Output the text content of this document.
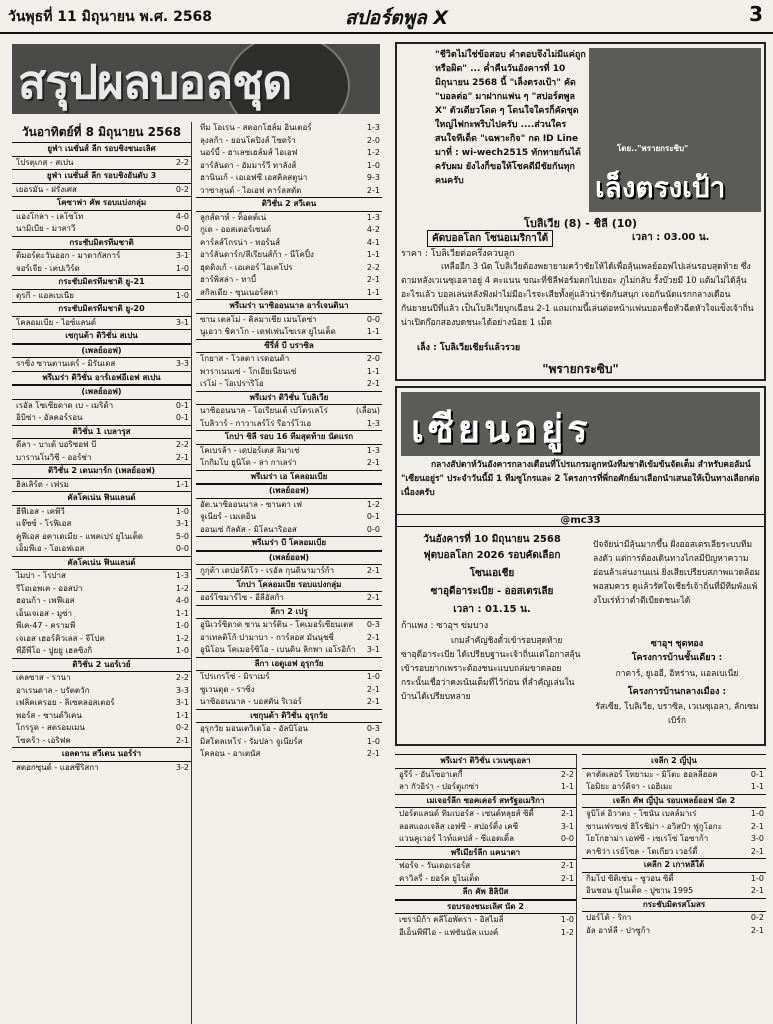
วันพุธที่ 11 มิถุนายน พ.ศ. 2568	สปอร์ตพูล X	3
สรุปผลบอลชุด
วันอาทิตย์ที่ 8 มิถุนายน 2568
ยูฟ่า เนชั่นส์ ลีก รอบชิงชนะเลิศ
โปรตุเกส - สเปน	2-2
ยูฟ่า เนชั่นส์ ลีก รอบชิงอันดับ 3
เยอรมัน - ฝรั่งเศส	0-2
โคซาฟา คัพ รอบแบ่งกลุ่ม
แองโกลา - เลโซโท	4-0
นามิเบีย - มาลาวี	0-0
กระชับมิตรทีมชาติ
ติมอร์ตะวันออก - มาดากัสการ์	3-1
จอร์เจีย - เคปเวิร์ด	1-0
กระชับมิตรทีมชาติ ยู-21
ตุรกี - แอลเบเนีย	1-0
กระชับมิตรทีมชาติ ยู-20
โคลอมเบีย - ไอซ์แลนด์	3-1
เซกุนด้า ดิวิชั่น สเปน
(เพลย์ออฟ)
ราซิ่ง ซานตานเดร์ - มิรันเดส	3-3
พรีเมร่า ดิวิชั่น อาร์เอฟอีเอฟ สเปน
(เพลย์ออฟ)
เรอัล โซเซียดาด เบ - เมริด้า	0-1
อิบิซ่า - อัลคอร์รอน	0-1
ดิวิชั่น 1 เบลารุส
ดีลา - บาเต้ บอริซอฟ บี	2-2
บารานโนวิชี - ออร์ช่า	2-1
ดิวิชั่น 2 เดนมาร์ก (เพลย์ออฟ)
ฮิลเลิร์ด - เฟรม	1-1
คัลโคเน่น ฟินแลนด์
ฮีฟีเอส - เคพีวี	1-0
แจ๊ซซ์ - โรฟิเอส	3-1
คูฟีเอส อคาเดเมีย - แพคเปร่ ยูไนเต็ด	5-0
เอ็มพีเอ - โอเอฟเอส	0-0
คัลโคเน่น ฟินแลนด์
ไมปา - โรปาส	1-3
รีโอเอพเค - ออสปา	1-2
ฮอนก้า - เพฟีเอส	4-0
เอ็นเจเอส - มูซ่า	1-1
พีเค-47 - ครามพี	1-0
เจเอส เฮอร์คิวเลส - จีโปค	1-2
พีอีพีโอ - ปูยยู เฮลซิงกิ	1-0
ดิวิชั่น 2 นอร์เวย์
เคลซาส - รานา	2-2
อาเรนดาล - บรัตตวัก	3-3
เฟลิคเครอย - ลิเซคลอสเตอร์	3-1
พอร์ส - ซานด์วิเคน	1-1
โกรรูด - สตรอมเมน	0-2
โซคร้า - เอริฟค	2-1
เอลดาน สวีเดน นอร์ร่า
สตอกซุนด์ - แอสซีริสกา	3-2
ทีม โอเรน - สตอกโฮล์ม อินเตอร์	1-3
ลุงสก้า - ยอนโคปิงส์ โซดร้า	2-0
นอร์บี้ - ฮาเลซเฮล์มส์ ไอเอฟ	1-2
อาร์ลันดา - อัมมาร์วี ทาลังส์	1-0
ฮานินเก้ - เอเอฟซี เอสคิลสตูน่า	9-3
วาซาลุนด์ - ไอเอฟ คาร์ลสตัด	2-1
ดิวิชั่น 2 สวีเดน
ลูกส์ดาห์ - ท็อตต์เน่	1-3
กูเด - ออสเตอร์เซนด์	4-2
คาร์ลส์โกรน่า - ทอร์นส์	4-1
อาร์ลันดาร์ก/สีเรียนส์ก้า - นีโคปิ้ง	1-1
ฮุดดิงเก้ - เอเคอร์ ไอเคโปร	2-2
ฮาร์พิสล่า - ทาบี้	2-1
สกิลเดีย - ซุนเนอร์สตา	1-1
พรีเมร่า นาซิออนนาล อาร์เจนตินา
ซาน เตลโม่ - คิลมาเชีย เมนโดซ่า	0-0
นูเอวา ชิคาโก - เดฟเฟนโซเรส ยูไนเต็ด	1-1
ซีรี่ส์ บี บราซิล
โกยาส - โวลตา เรดอนด้า	2-0
พาราเนนเซ่ - โกเอียเนียนเซ่	1-1
เรโม่ - โอเปราริโอ	2-1
พรีเมร่า ดิวิชั่น โบลิเวีย
นาซิออนนาล - โอเรียนเต้ เปโตรเลโร่	(เลื่อน)
โบลิวาร์ - กาวาเลร์โร่ รีอาร์โวเอ	1-3
โกปา ซิลี รอบ 16 ทีมสุดท้าย นัดแรก
โคเบรล้า - เดปอร์เตส ลิมาเช่	1-3
โกกิมโบ ยูนิโด - ลา กาเลร่า	2-1
พรีเมร่า เอ โคลอมเบีย
(เพลย์ออฟ)
อัต.นาซิออนนาล - ซานตา เฟ	1-2
จูเนียร์ - เมเดอิน	0-1
ออนเซ่ กัลดัส - มิโลนาริออส	0-0
พรีเมร่า บี โคลอมเบีย
(เพลย์ออฟ)
กูกุต้า เดปอร์ติโว - เรอัล กุนดินามาร์ก้า	2-1
โกปา โคลอมเบีย รอบแบ่งกลุ่ม
ออร์โซมาร์ไซ - อีลีอัสก้า	2-1
ลีกา 2 เปรู
อูนิเวร์ซิดาด ซาน มาร์ติน - โคเมอร์เซียนเตส 0-3
อาเทลติโก้ ปามาบา - การ์ลอส มันนุชชี่	2-1
อูนิโอน โคเมอร์ซิโอ - เบนดิน ลิกพา เอโรอิก้า 3-1
ลีกา เอดูเอฟ อุรุกวัย
โปรเกรโซ่ - มิราเมร์	1-0
ซูเวนตุด - ราซิ่ง	2-1
นาซิออนนาล - บอสตัน ริเวอร์	2-1
เซกุนด้า ดิวิชั่น อุรุกวัย
อุรุกวัย มอนเตวิเดโอ - อัลบิโอน	0-3
มิสโตลเทโร่ - รัมปลา จูเนียร์ส	1-0
โคลอน - อาเตนัส	2-1
"ชีวิตไม่ใช่ข้อสอบ คำตอบจึงไม่มีแค่ถูกหรือผิด" ... ค่ำคืนวันอังคารที่ 10 มิถุนายน 2568 นี้ "เล็งตรงเป้า" คัด "บอลต่อ" มาฝากแฟน ๆ "สปอร์ตพูล X" ตัวเดียวโดด ๆ โดนใจใครก็คัดชุดใหญ่ไฟกะพริบไปครับ ....ส่วนใครสนใจทีเด็ด "เฉพาะกิจ" กด ID Line มาที่ : wi-wech2515 ทักทายกันได้ครับผม ยังไงก็ขอให้โชคดีมีชัยกันทุกคนครับ
โดย.."พรายกระซิบ"
เล็งตรงเป้า
โบลิเวีย (8) - ชิลี (10)
คัดบอลโลก โซนอเมริกาใต้	เวลา : 03.00 น.
ราคา : โบลิเวียต่อครึ่งควบลูก
เหลืออีก 3 นัด โบลิเวียต้องพยายามคว้าชัยให้ได้เพื่อลุ้นเพลย์ออฟไปเล่นรอบสุดท้าย ซึ่งตามหลังเวเนซุเอลาอยู่ 4 คะแนน ขณะที่ชิลีฟอร์มตกไปเยอะ ภูไม่กลับ รั้งบ๊วยมี 10 แต้มไม่ได้ลุ้นอะไรแล้ว บอลเล่นหลังฟังฝาไม่มีอะไรจะเสียทั้งคู่แล้วน่าชัดกันสนุก เจอกันนัดแรกกลางเดือนกันยายนปีที่แล้ว เป็นโบลิเวียบุกเฉือน 2-1 แถมเกมนี้เล่นต่อหน้าแฟนบอลชื่อหัวฉีดหัวใจแข็งเจ้าถิ่นน่าเปิดก๊อกสองบดชนะได้อย่างน้อย 1 เม็ด
เล็ง : โบลิเวียเชียร์แล้วรวย
"พรายกระซิบ"
เซียนอยู่ร
กลางสัปดาห์วันอังคารกลางเดือนที่โปรแกรมลูกหนังทีมชาติเข้มข้นจัดเต็ม สำหรับคอลัมน์ "เซียนอยู่ร" ประจำวันนี้มี 1 ทีมซูโกรและ 2 โครงการที่พี่กอศักย์มาเลือกนำเสนอให้เป็นทางเลือกต่อเนื่องครับ
@mc33
วันอังคารที่ 10 มิถุนายน 2568
ฟุตบอลโลก 2026 รอบคัดเลือก
โซนเอเชีย
ซาอุดีอาระเบีย - ออสเตรเลีย
เวลา : 01.15 น.
ก้าแพง : ซาอุฯ ข่มบาง
เกมลำคัญชิงตั๋วเข้ารอบสุดท้าย ซาอุดีอาระเบีย ได้เปรียบฐานะเจ้าถิ่นแต่โอกาสลุ้นเข้ารอบยากเพราะต้องชนะแบบถล่มขาดลอย กระนั้นเชื่อว่าคงเน้นเต็มที่ไว้ก่อน ที่ลำคัญเล่นในบ้านได้เปรียบหลาย
ปัจจัยน่ามีลุ้นมากขึ้น ฝั่งออสเตรเลียระบบทีมลงตัว แต่การต้องเดินทางไกลมีปัญหาความอ่อนล้าเล่นงานแน่ ยิ่งเสียเปรียบสภาพแวดล้อมพอสมควร ดูแล้วรัศใจเชียร์เจ้าถิ่นที่มีทีมพังแพ้งโบเร่ห์ว่าต่ำตีเบียดชนะได้
ซาอุฯ ชุดทอง
โครงการบ้านชั้นเดียว :
กาตาร์, ยูเออี, อิหร่าน, แอลเบเนีย
โครงการบ้านกลางเมือง :
รัสเซีย, โบลิเวีย, บราซิล, เวเนซุเอลา, ลักเซมเบิร์ก
พรีเมร่า ดิวิชั่น เวเนซุเอลา
อูรีร์ - อันโซอาเตกี้	2-2
ลา กัวอิร่า - ปอร์ตูเกซ่า	1-1
เมเจอร์ลีก ซอคเคอร์ สหรัฐอเมริกา
ปอร์ตแลนด์ ทิมเบอร์ส - เซนต์หลุยส์ ซิตี้	2-1
ลอสแองเจลิส เอฟซี - สปอร์ติ้ง เคซี	3-1
แวนคูเวอร์ ไวท์แคปส์ - ซีแอตเติ้ล	0-0
พรีเมียร์ลีก แคนาดา
ฟอร์จ - วันเดอเรอร์ส	2-1
คาวิลรี่ - ยอร์ค ยูไนเต็ด	2-1
ลีก คัพ ฮิลิปัส
รอบรองชนะเลิศ นัด 2
เซรามิก้า คลีโอพัตรา - อิสไมลี่	1-0
อีเอ็นพีพีไอ - แฟซันนัล แบงค์	1-2
เจลีก 2 ญี่ปุ่น
คาตัลเลอร์ โทยามะ - มิโตะ ฮอลลี่ฮอค	0-1
โอมิยะ อาร์ดิจา - เอฮิเมะ	1-1
เจลีก คัพ ญี่ปุ่น รอบเพลย์ออฟ นัด 2
จูบิโล่ อิวาตะ - โชนัน เบลล์มาเร่	1-0
ซานเฟรซเซ่ ฮิโรชิม่า - อวิสป้า ฟูกูโอกะ	2-1
โยโกฮาม่า เอฟซี - เซเรโซ่ โอซาก้า	3-0
คาชิว่า เรย์โซล - โตเกียว เวอร์ดี้	2-1
เคลีก 2 เกาหลีใต้
กิมโป ซิติเซ่น - ซูวอน ซิตี้	1-0
อินชอน ยูไนเต็ด - ปูซาน 1995	2-1
กระชับมิตรสโมสร
ปอร์โต้ - ริกา	0-2
อัล อาห์ลี - ปาซูก้า	2-1
